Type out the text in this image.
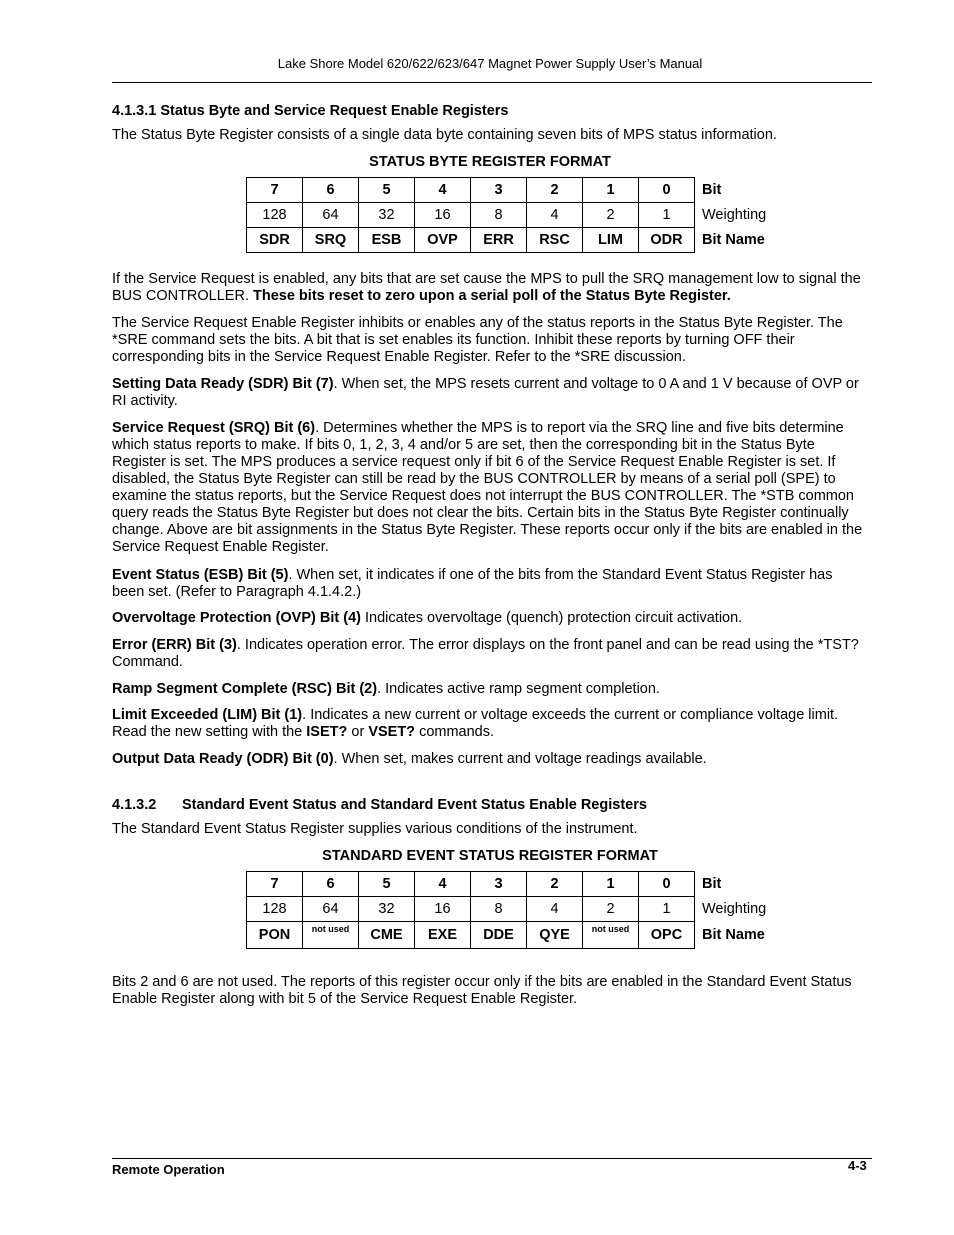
Lake Shore Model 620/622/623/647 Magnet Power Supply User’s Manual

4.1.3.1 Status Byte and Service Request Enable Registers

The Status Byte Register consists of a single data byte containing seven bits of MPS status information.

STATUS BYTE REGISTER FORMAT

7	6	5	4	3	2	1	0	Bit
128	64	32	16	8	4	2	1	Weighting
SDR	SRQ	ESB	OVP	ERR	RSC	LIM	ODR	Bit Name

If the Service Request is enabled, any bits that are set cause the MPS to pull the SRQ management low to signal the BUS CONTROLLER. These bits reset to zero upon a serial poll of the Status Byte Register.

The Service Request Enable Register inhibits or enables any of the status reports in the Status Byte Register. The *SRE command sets the bits. A bit that is set enables its function. Inhibit these reports by turning OFF their corresponding bits in the Service Request Enable Register. Refer to the *SRE discussion.

Setting Data Ready (SDR) Bit (7). When set, the MPS resets current and voltage to 0 A and 1 V because of OVP or RI activity.

Service Request (SRQ) Bit (6). Determines whether the MPS is to report via the SRQ line and five bits determine which status reports to make. If bits 0, 1, 2, 3, 4 and/or 5 are set, then the corresponding bit in the Status Byte Register is set. The MPS produces a service request only if bit 6 of the Service Request Enable Register is set. If disabled, the Status Byte Register can still be read by the BUS CONTROLLER by means of a serial poll (SPE) to examine the status reports, but the Service Request does not interrupt the BUS CONTROLLER. The *STB common query reads the Status Byte Register but does not clear the bits. Certain bits in the Status Byte Register continually change. Above are bit assignments in the Status Byte Register. These reports occur only if the bits are enabled in the Service Request Enable Register.

Event Status (ESB) Bit (5). When set, it indicates if one of the bits from the Standard Event Status Register has been set. (Refer to Paragraph 4.1.4.2.)

Overvoltage Protection (OVP) Bit (4) Indicates overvoltage (quench) protection circuit activation.

Error (ERR) Bit (3). Indicates operation error. The error displays on the front panel and can be read using the *TST? Command.

Ramp Segment Complete (RSC) Bit (2). Indicates active ramp segment completion.

Limit Exceeded (LIM) Bit (1). Indicates a new current or voltage exceeds the current or compliance voltage limit. Read the new setting with the ISET? or VSET? commands.

Output Data Ready (ODR) Bit (0). When set, makes current and voltage readings available.

4.1.3.2 Standard Event Status and Standard Event Status Enable Registers

The Standard Event Status Register supplies various conditions of the instrument.

STANDARD EVENT STATUS REGISTER FORMAT

7	6	5	4	3	2	1	0	Bit
128	64	32	16	8	4	2	1	Weighting
PON	not used	CME	EXE	DDE	QYE	not used	OPC	Bit Name

Bits 2 and 6 are not used. The reports of this register occur only if the bits are enabled in the Standard Event Status Enable Register along with bit 5 of the Service Request Enable Register.

Remote Operation	4-3
